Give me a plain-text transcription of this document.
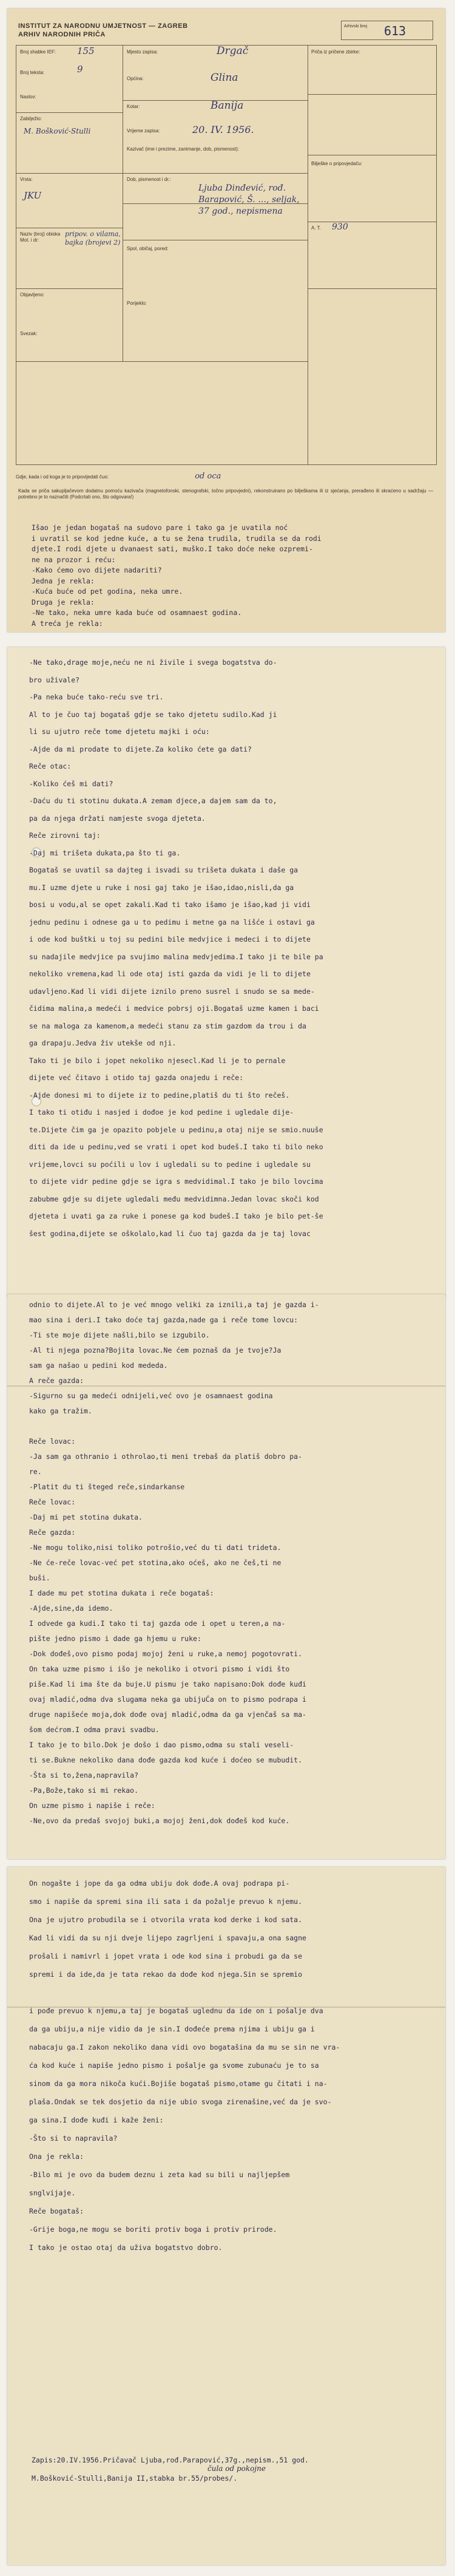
INSTITUT ZA NARODNU UMJETNOST — ZAGREB
ARHIV NARODNIH PRIČA
Arhivski broj 613
Broj shabke IEF: 155
Broj teksta:	9
Naslov:
Zabilježio:
M. Bošković-Stulli
Vrsta:
JKU
Naziv (broj) obiska Mot. i dr:
pripov. o vilama, bajka (brojevi 2)
Objavljeno:
Svezak:
Mjesto zapisa:	Drgač
Općina:	Glina
Kotar:	Banija
Vrijeme zapisa:	20. IV. 1956.
Kazivač (ime i prezime, zanimanje, dob, pismenost):
Dob, pismenost i dr.:
Ljuba Dinđević, rođ. Barapović, Š. …, seljak, 37 god., nepismena
Spol, običaj, pored:
Porijeklo:
Priča iz pričene zbirke:
Bilješke o pripovjedaču:
A. T. 930
Gdje, kada i od koga je to pripovijedati čuo:	od oca
Kada se priča sakupljačevom dodatnu pomoću kazivača (magnetofonski, stenografski, točno pripovjedni), rekonstruirano po bilješkama ili iz sjećanja, prerađeno ili skraćeno u sadržaju — potrebno je to naznačiti (Podcrtati ono, što odgovara!)
Išao je jedan bogataš na sudovo pare i tako ga je uvatila noć
i uvratil se kod jedne kuće, a tu se žena trudila, trudila se da rodi
djete.I rodi djete u dvanaest sati, muško.I tako doće neke ozpremi-
ne na prozor i reću:
-Kako ćemo ovo dijete nadariti?
Jedna je rekla:
-Kuća buće od pet godina, neka umre.
Druga je rekla:
-Ne tako, neka umre kada buće od osamnaest godina.
A treća je rekla:
-Ne tako,drage moje,neću ne ni živile i svega bogatstva do-
bro uživale?
-Pa neka buće tako-reću sve tri.
Al to je čuo taj bogataš gdje se tako djetetu sudilo.Kad ji
li su ujutro reče tome djetetu majki i oću:
-Ajde da mi prodate to dijete.Za koliko ćete ga dati?
Reče otac:
-Koliko ćeš mi dati?
-Daću du ti stotinu dukata.A zemam djece,a dajem sam da to,
pa da njega držati namjeste svoga djeteta.
Reče zirovni taj:
-Daj mi trišeta dukata,pa što ti ga.
Bogataš se uvatil sa dajteg i isvadi su trišeta dukata i daše ga
mu.I uzme djete u ruke i nosi gaj tako je išao,idao,nisli,da ga
bosi u vodu,al se opet zakali.Kad ti tako išamo je išao,kad ji vidi
jednu pedinu i odnese ga u to pedimu i metne ga na lišće i ostavi ga
i ode kod buštki u toj su pedini bile medvjice i medeci i to dijete
su nadajile medvjice pa svujimo malina medvjedima.I tako ji te bile pa
nekoliko vremena,kad li ode otaj isti gazda da vidi je li to dijete
udavljeno.Kad li vidi dijete iznilo preno susrel i snudo se sa mede-
čidima malina,a medeći i medvice pobrsj oji.Bogataš uzme kamen i baci
se na maloga za kamenom,a medeći stanu za stim gazdom da trou i da
ga drapaju.Jedva živ utekše od nji.
Tako ti je bilo i jopet nekoliko njesecl.Kad li je to pernale
dijete već čitavo i otido taj gazda onajedu i reče:
-Ajde donesi mi to dijete iz to pedine,platiš du ti što rečeš.
I tako ti otiđu i nasjed i dođoe je kod pedine i ugledale dije-
te.Dijete čim ga je opazito pobjele u pedinu,a otaj nije se smio.nuuše
diti da ide u pedinu,ved se vrati i opet kod budeš.I tako ti bilo neko
vrijeme,lovci su poćili u lov i ugledali su to pedine i ugledale su
to dijete vidr pedine gdje se igra s medvidimal.I tako je bilo lovcima
zabubme gdje su dijete ugledali među medvidimna.Jedan lovac skoči kod
djeteta i uvati ga za ruke i ponese ga kod budeš.I tako je bilo pet-še
šest godina,dijete se oškolalo,kad li čuo taj gazda da je taj lovac
odnio to dijete.Al to je već mnogo veliki za iznili,a taj je gazda i-
mao sina i deri.I tako doće taj gazda,nade ga i reče tome lovcu:
-Ti ste moje dijete našli,bilo se izgubilo.
-Al ti njega pozna?Bojita lovac.Ne ćem poznaš da je tvoje?Ja
sam ga našao u pedini kod mededa.
A reče gazda:
-Sigurno su ga medeći odnijeli,već ovo je osamnaest godina
kako ga tražim.
Reče lovac:
-Ja sam ga othranio i othrolao,ti meni trebaš da platiš dobro pa-
re.
-Platit du ti šteged reče,sindarkanse
Reče lovac:
-Daj mi pet stotina dukata.
Reče gazda:
-Ne mogu toliko,nisi toliko potrošio,već du ti dati trideta.
-Ne će-reče lovac-već pet stotina,ako oćeš, ako ne češ,ti ne
buši.
I dade mu pet stotina dukata i reče bogataš:
-Ajde,sine,da idemo.
I odvede ga kudi.I tako ti taj gazda ode i opet u teren,a na-
pište jedno pismo i dade ga hjemu u ruke:
-Dok dođeš,ovo pismo podaj mojoj ženi u ruke,a nemoj pogotovrati.
On taka uzme pismo i išo je nekoliko i otvori pismo i vidi što
piše.Kad li ima šte da buje.U pismu je tako napisano:Dok dođe kuđi
ovaj mladić,odma dva slugama neka ga ubijuĆa on to pismo podrapa i
druge napišeće moja,dok dođe ovaj mladić,odma da ga vjenčaš sa ma-
šom dećrom.I odma pravi svadbu.
I tako je to bilo.Dok je došo i dao pismo,odma su stali veseli-
ti se.Bukne nekoliko dana dođe gazda kod kuće i doćeo se mubudit.
-Šta si to,žena,napravila?
-Pa,Bože,tako si mi rekao.
On uzme pismo i napiše i reče:
-Ne,ovo da predaš svojoj buki,a mojoj ženi,dok dođeš kod kuće.
On nogašte i jope da ga odma ubiju dok dođe.A ovaj podrapa pi-
smo i napiše da spremi sina ili sata i da požalje prevuo k njemu.
Ona je ujutro probudila se i otvorila vrata kod derke i kod sata.
Kad li vidi da su nji dveje lijepo zagrljeni i spavaju,a ona sagne
prošali i namivrl i jopet vrata i ode kod sina i probudi ga da se
spremi i da ide,da je tata rekao da dođe kod njega.Sin se spremio
i pođe prevuo k njemu,a taj je bogataš uglednu da ide on i pošalje dva
da ga ubiju,a nije vidio da je sin.I dođeće prema njima i ubiju ga i
nabacaju ga.I zakon nekoliko dana vidi ovo bogatašina da mu se sin ne vra-
ća kod kuće i napiše jedno pismo i pošalje ga svome zubunaću je to sa
sinom da ga mora nikoča kući.Bojiše bogataš pismo,otame gu čitati i na-
plaša.Ondak se tek dosjetio da nije ubio svoga zirenašine,već da je svo-
ga sina.I dođe kuđi i kaže ženi:
-Što si to napravila?
Ona je rekla:
-Bilo mi je ovo da budem deznu i zeta kad su bili u najljepšem
snglvijaje.
Reče bogataš:
-Grije boga,ne mogu se boriti protiv boga i protiv prirode.
I tako je ostao otaj da uživa bogatstvo dobro.
Zapis:20.IV.1956.Pričavač Ljuba,rođ.Parapović,37g.,nepism.,51 god.
čula od pokojne
M.Bošković-Stulli,Banija II,stabka br.55/probes/.
